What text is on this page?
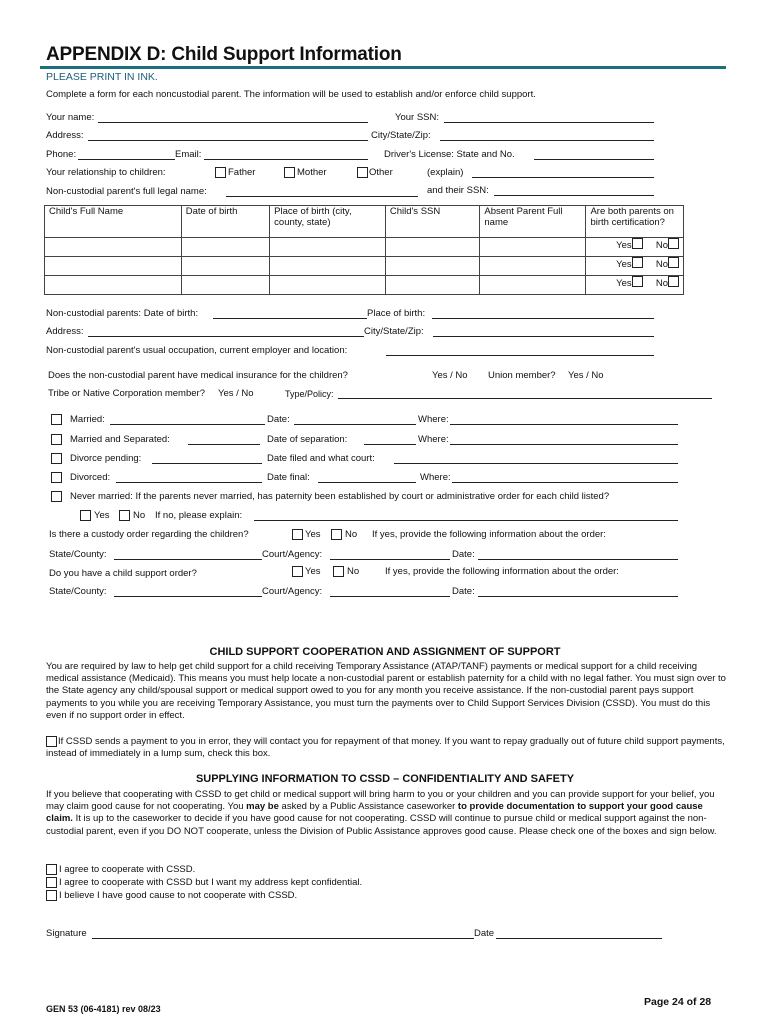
APPENDIX D: Child Support Information
PLEASE PRINT IN INK.
Complete a form for each noncustodial parent. The information will be used to establish and/or enforce child support.
Your name:	Your SSN:
Address:	City/State/Zip:
Phone:	Email:	Driver's License: State and No.
Your relationship to children:	Father	Mother	Other	(explain)
Non-custodial parent's full legal name:	and their SSN:
Child's Full Name	Date of birth	Place of birth (city, county, state)	Child's SSN	Absent Parent Full name	Are both parents on birth certification?
					Yes No
					Yes No
					Yes No
Non-custodial parents: Date of birth:	Place of birth:
Address:	City/State/Zip:
Non-custodial parent's usual occupation, current employer and location:
Does the non-custodial parent have medical insurance for the children?	Yes / No Union member? Yes / No
Tribe or Native Corporation member? Yes / No	Type/Policy:
Married:	Date:	Where:
Married and Separated:	Date of separation:	Where:
Divorce pending:	Date filed and what court:
Divorced:	Date final:	Where:
Never married: If the parents never married, has paternity been established by court or administrative order for each child listed?
Yes No If no, please explain:
Is there a custody order regarding the children?	Yes	No If yes, provide the following information about the order:
State/County:	Court/Agency:	Date:
Do you have a child support order?	Yes	No	If yes, provide the following information about the order:
State/County:	Court/Agency:	Date:
CHILD SUPPORT COOPERATION AND ASSIGNMENT OF SUPPORT
You are required by law to help get child support for a child receiving Temporary Assistance (ATAP/TANF) payments or medical support for a child receiving medical assistance (Medicaid). This means you must help locate a non-custodial parent or establish paternity for a child with no legal father. You must sign over to the State agency any child/spousal support or medical support owed to you for any month you receive assistance. If the non-custodial parent pays support payments to you while you are receiving Temporary Assistance, you must turn the payments over to Child Support Services Division (CSSD). You must do this even if no support order in effect.
If CSSD sends a payment to you in error, they will contact you for repayment of that money. If you want to repay gradually out of future child support payments, instead of immediately in a lump sum, check this box.
SUPPLYING INFORMATION TO CSSD – CONFIDENTIALITY AND SAFETY
If you believe that cooperating with CSSD to get child or medical support will bring harm to you or your children and you can provide support for your belief, you may claim good cause for not cooperating. You may be asked by a Public Assistance caseworker to provide documentation to support your good cause claim. It is up to the caseworker to decide if you have good cause for not cooperating. CSSD will continue to pursue child or medical support against the non-custodial parent, even if you DO NOT cooperate, unless the Division of Public Assistance approves good cause. Please check one of the boxes and sign below.
I agree to cooperate with CSSD.
I agree to cooperate with CSSD but I want my address kept confidential.
I believe I have good cause to not cooperate with CSSD.
Signature	Date
GEN 53 (06-4181) rev 08/23
Page 24 of 28
